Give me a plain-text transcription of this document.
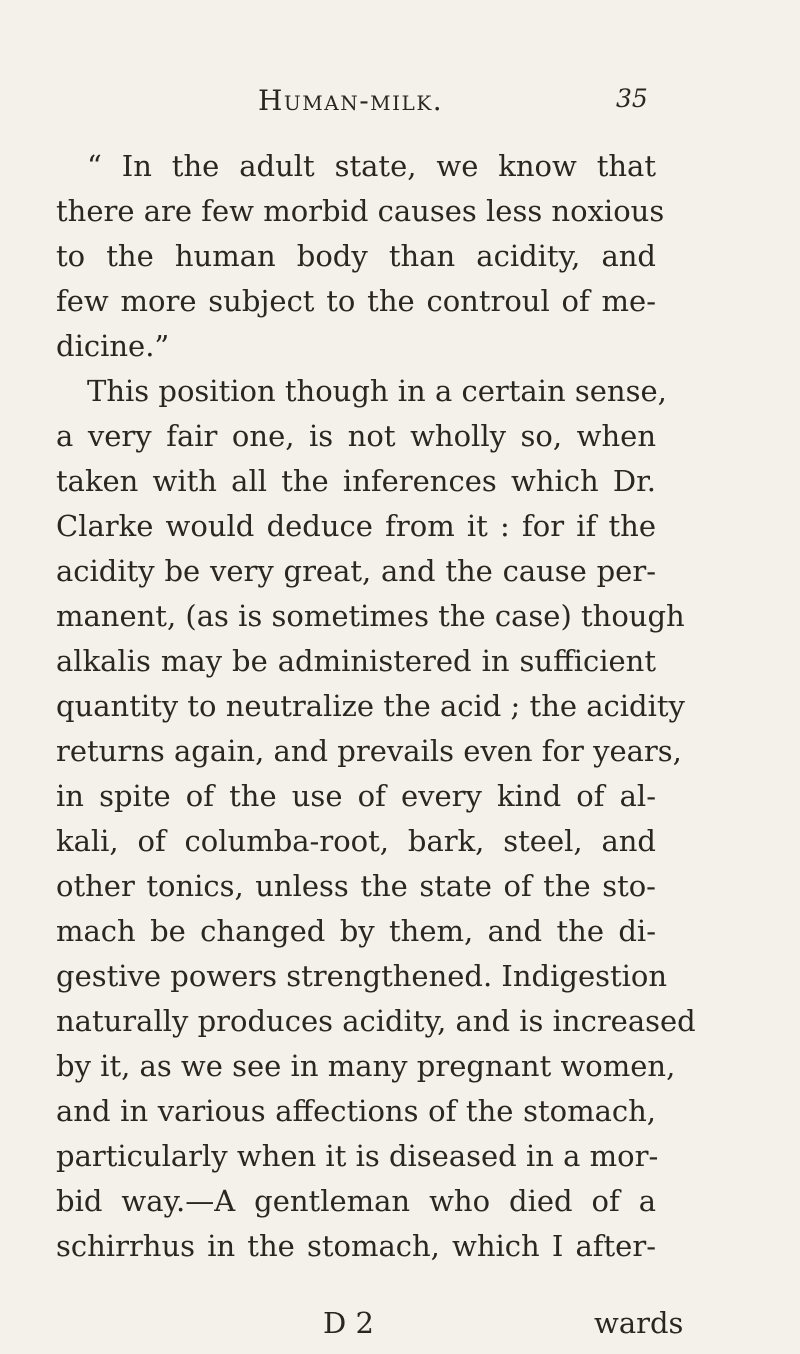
Human-milk.	35
“ In the adult state, we know that
there are few morbid causes less noxious
to the human body than acidity, and
few more subject to the controul of me-
dicine.”
This position though in a certain sense,
a very fair one, is not wholly so, when
taken with all the inferences which Dr.
Clarke would deduce from it : for if the
acidity be very great, and the cause per-
manent, (as is sometimes the case) though
alkalis may be administered in sufficient
quantity to neutralize the acid ; the acidity
returns again, and prevails even for years,
in spite of the use of every kind of al-
kali, of columba-root, bark, steel, and
other tonics, unless the state of the sto-
mach be changed by them, and the di-
gestive powers strengthened. Indigestion
naturally produces acidity, and is increased
by it, as we see in many pregnant women,
and in various affections of the stomach,
particularly when it is diseased in a mor-
bid way.—A gentleman who died of a
schirrhus in the stomach, which I after-
D 2	wards
